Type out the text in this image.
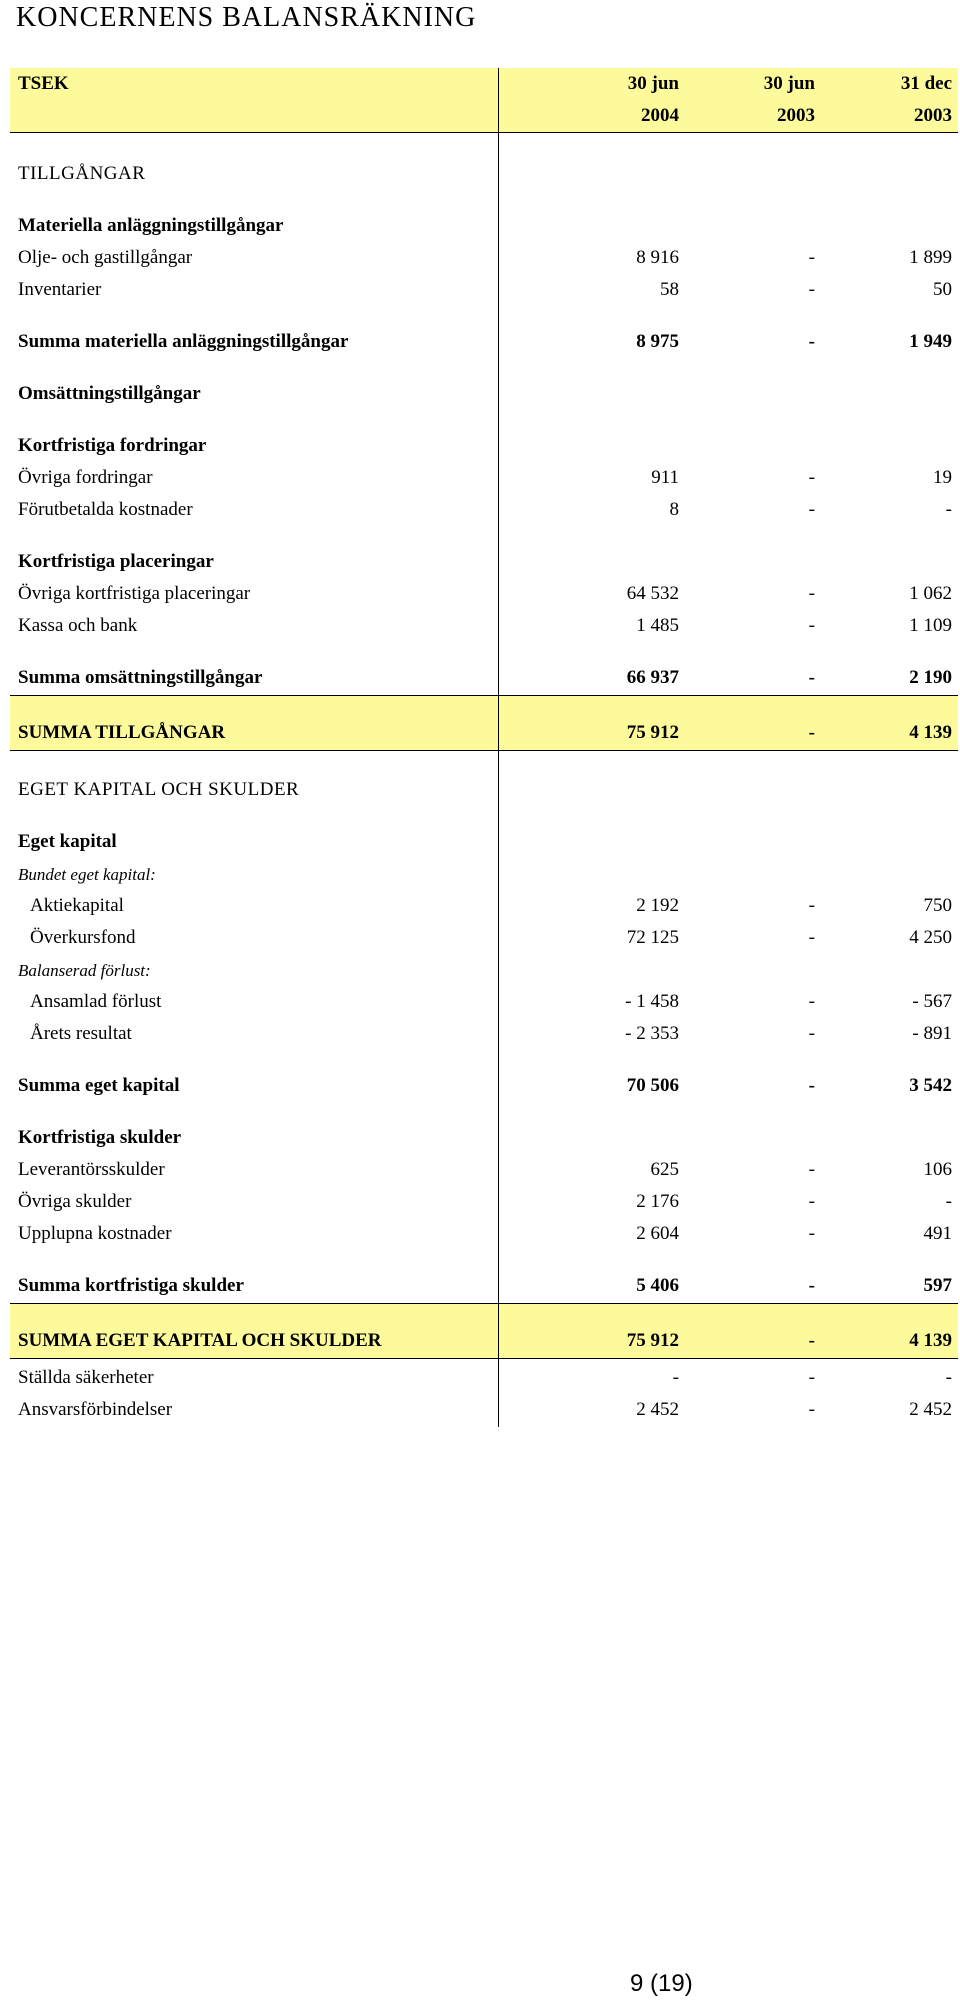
KONCERNENS BALANSRÄKNING
TSEK	30 jun	30 jun	31 dec
2004	2003	2003
TILLGÅNGAR
Materiella anläggningstillgångar
Olje- och gastillgångar	8 916	-	1 899
Inventarier	58	-	50
Summa materiella anläggningstillgångar	8 975	-	1 949
Omsättningstillgångar
Kortfristiga fordringar
Övriga fordringar	911	-	19
Förutbetalda kostnader	8	-	-
Kortfristiga placeringar
Övriga kortfristiga placeringar	64 532	-	1 062
Kassa och bank	1 485	-	1 109
Summa omsättningstillgångar	66 937	-	2 190
SUMMA TILLGÅNGAR	75 912	-	4 139
EGET KAPITAL OCH SKULDER
Eget kapital
Bundet eget kapital:
Aktiekapital	2 192	-	750
Överkursfond	72 125	-	4 250
Balanserad förlust:
Ansamlad förlust	- 1 458	-	- 567
Årets resultat	- 2 353	-	- 891
Summa eget kapital	70 506	-	3 542
Kortfristiga skulder
Leverantörsskulder	625	-	106
Övriga skulder	2 176	-	-
Upplupna kostnader	2 604	-	491
Summa kortfristiga skulder	5 406	-	597
SUMMA EGET KAPITAL OCH SKULDER	75 912	-	4 139
Ställda säkerheter	-	-	-
Ansvarsförbindelser	2 452	-	2 452
9 (19)
